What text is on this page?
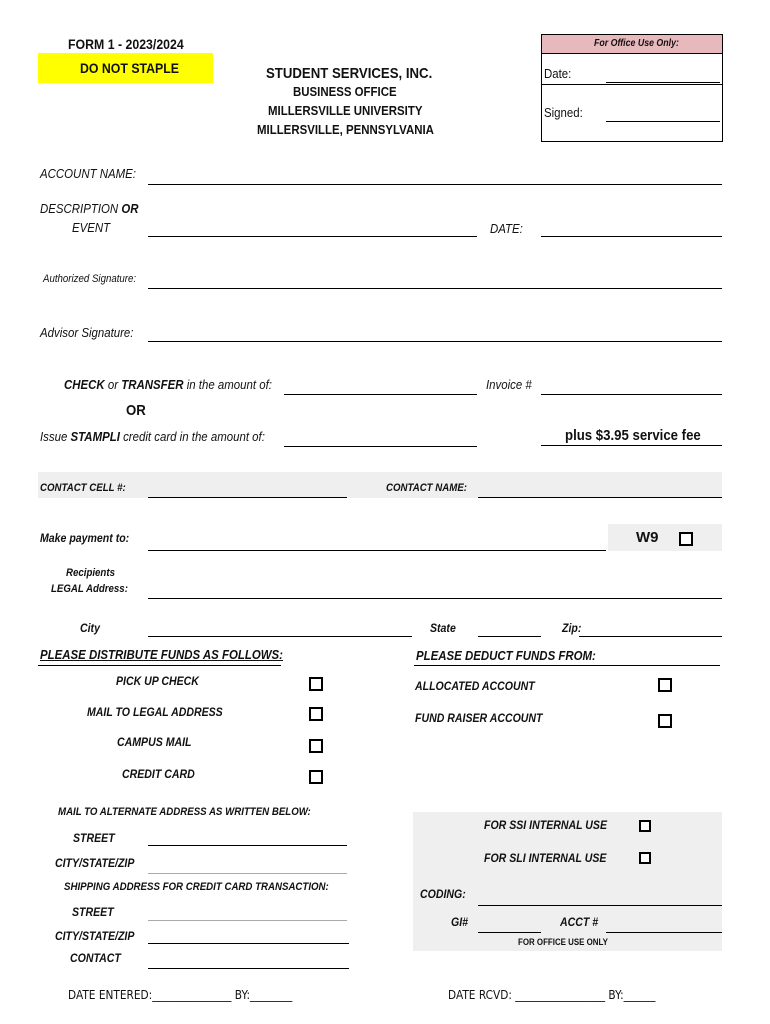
FORM 1 - 2023/2024
DO NOT STAPLE	STUDENT SERVICES, INC.
BUSINESS OFFICE
MILLERSVILLE UNIVERSITY
MILLERSVILLE, PENNSYLVANIA
For Office Use Only:
Date:
Signed:
ACCOUNT NAME:
DESCRIPTION OR
EVENT	DATE:
Authorized Signature:
Advisor Signature:
CHECK or TRANSFER in the amount of:	Invoice #
OR
Issue STAMPLI credit card in the amount of:	plus $3.95 service fee
CONTACT CELL #:	CONTACT NAME:
Make payment to:	W9
Recipients
LEGAL Address:
City	State	Zip:
PLEASE DISTRIBUTE FUNDS AS FOLLOWS:
PICK UP CHECK
MAIL TO LEGAL ADDRESS
CAMPUS MAIL
CREDIT CARD
PLEASE DEDUCT FUNDS FROM:
ALLOCATED ACCOUNT
FUND RAISER ACCOUNT
MAIL TO ALTERNATE ADDRESS AS WRITTEN BELOW:
STREET
CITY/STATE/ZIP
SHIPPING ADDRESS FOR CREDIT CARD TRANSACTION:
STREET
CITY/STATE/ZIP
CONTACT
FOR SSI INTERNAL USE
FOR SLI INTERNAL USE
CODING:
GI#	ACCT #
FOR OFFICE USE ONLY
DATE ENTERED:_______________ BY:________	DATE RCVD: _________________ BY:______
